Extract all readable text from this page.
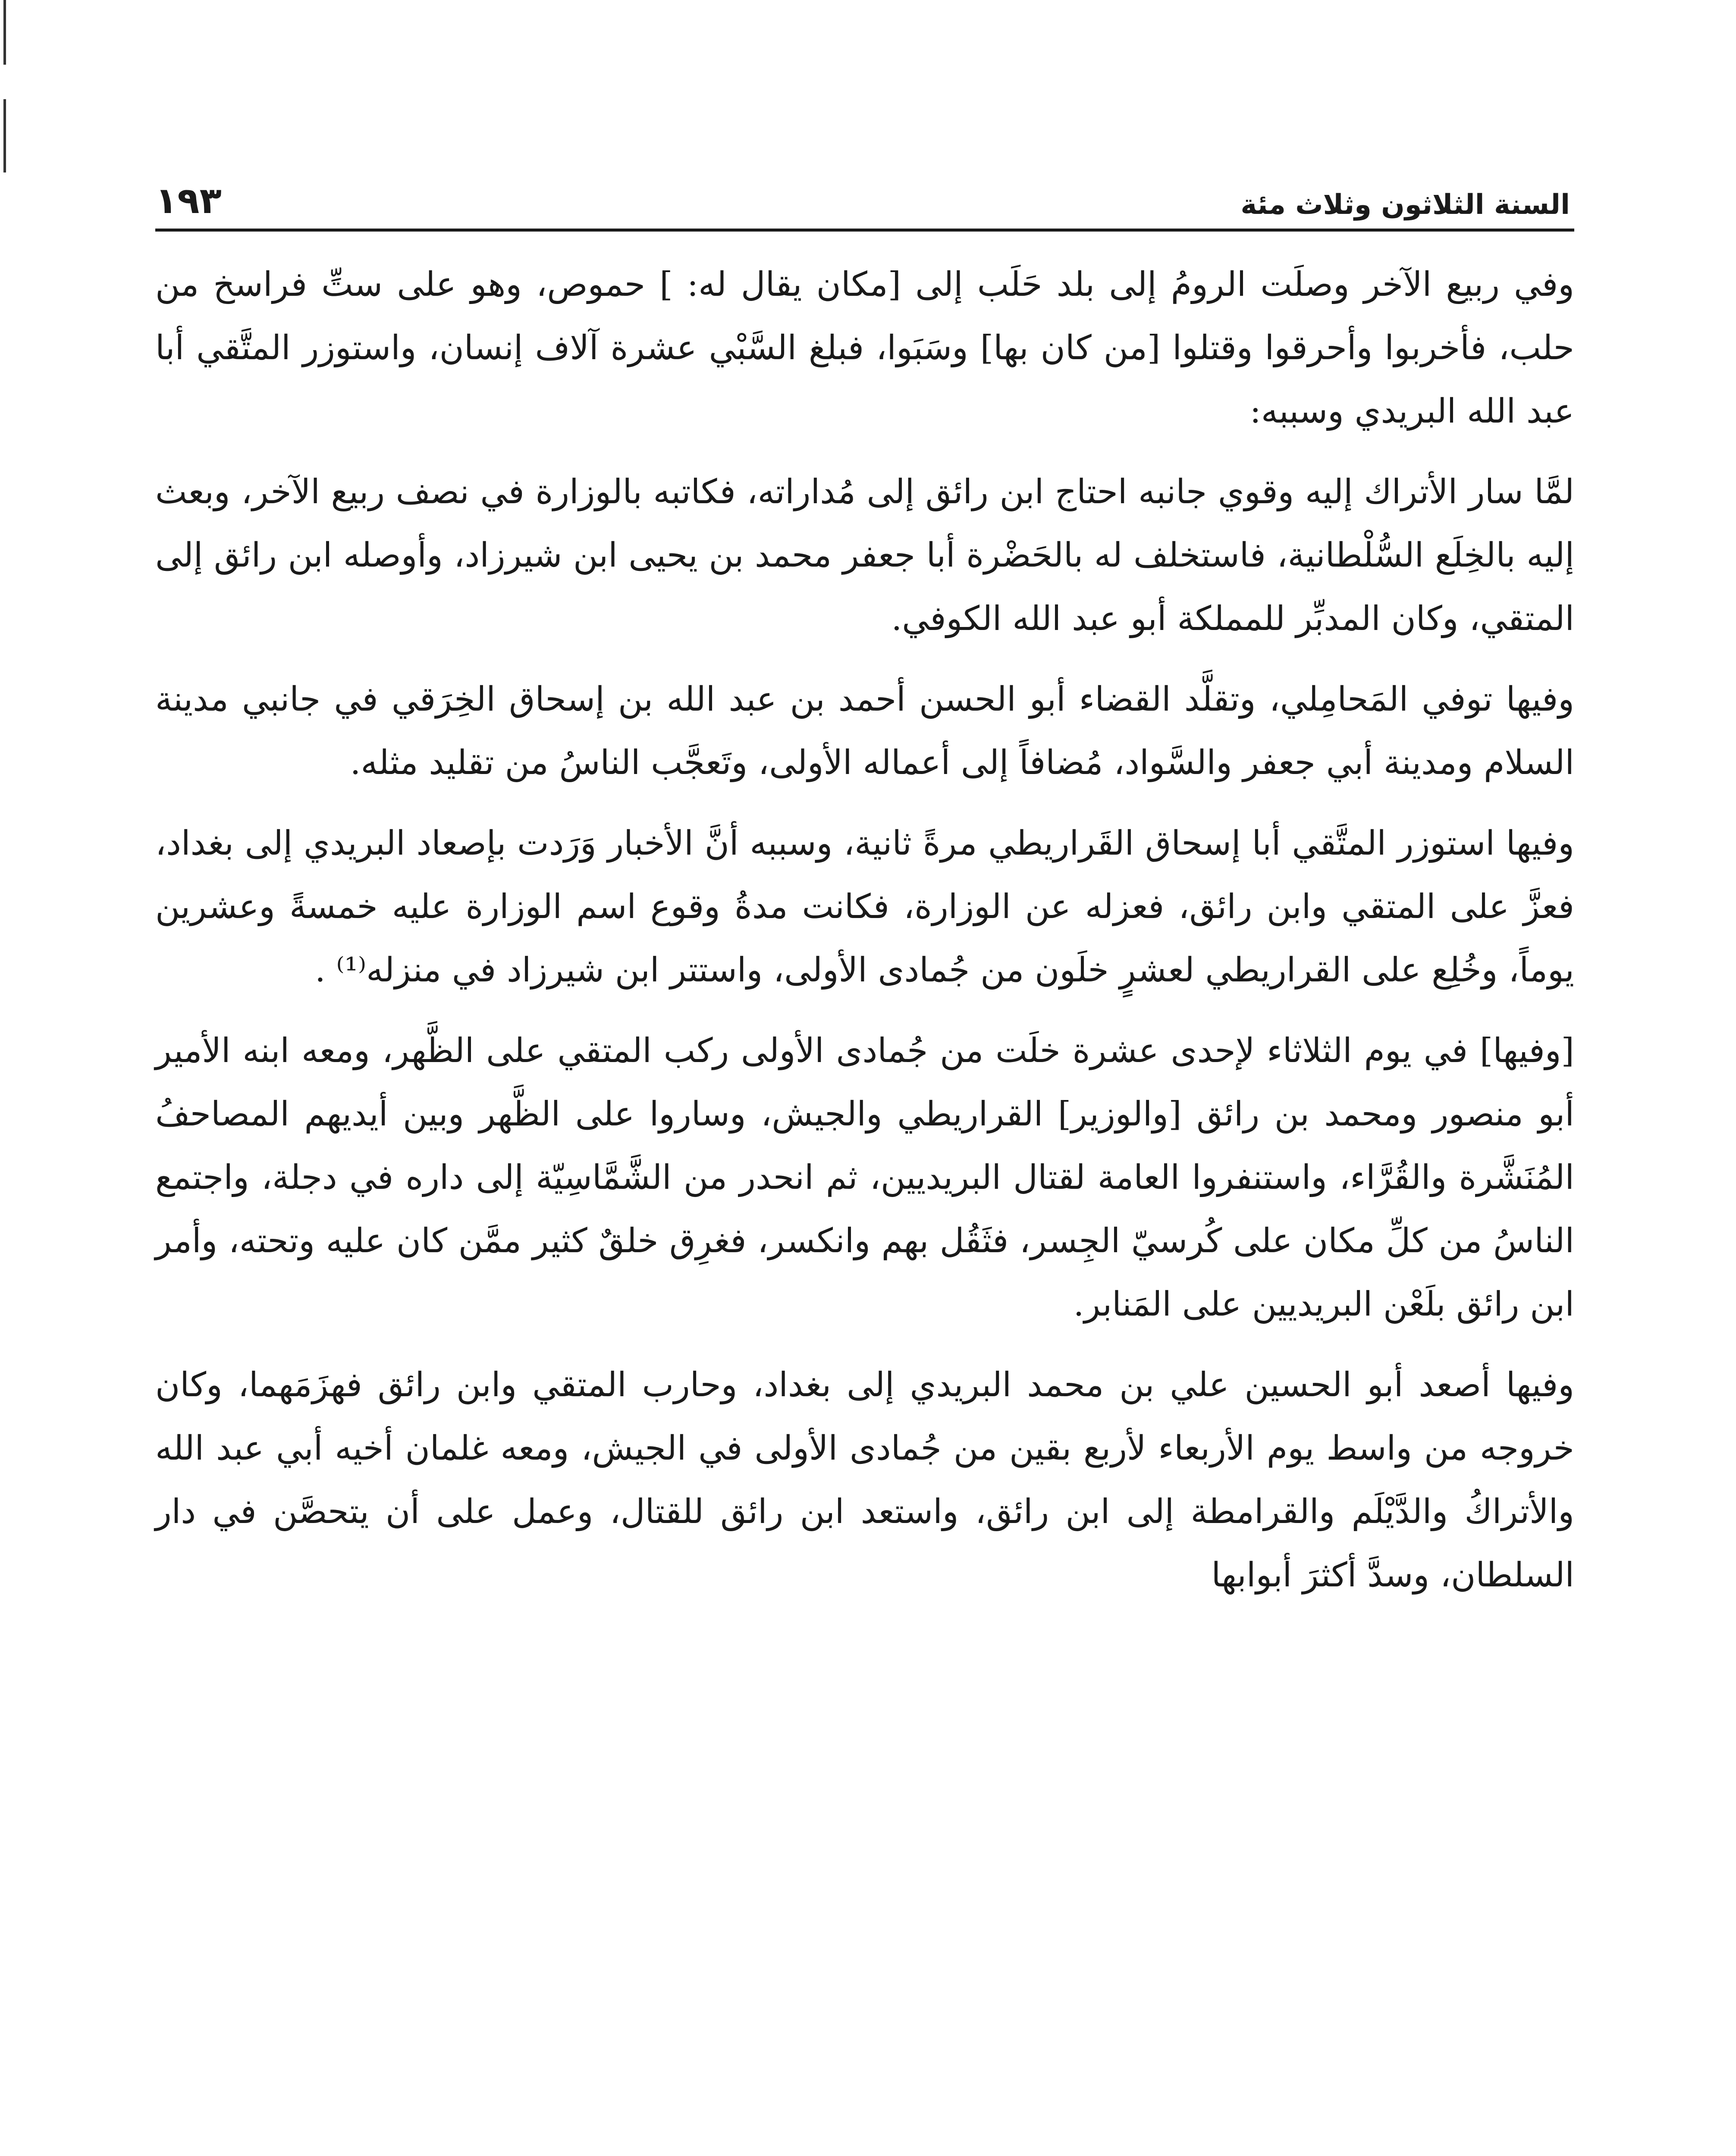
السنة الثلاثون وثلاث مئة
١٩٣

وفي ربيع الآخر وصلَت الرومُ إلى بلد حَلَب إلى [مكان يقال له: ] حموص، وهو على ستِّ فراسخ من حلب، فأخربوا وأحرقوا وقتلوا [من كان بها] وسَبَوا، فبلغ السَّبْي عشرة آلاف إنسان، واستوزر المتَّقي أبا عبد الله البريدي وسببه:

لمَّا سار الأتراك إليه وقوي جانبه احتاج ابن رائق إلى مُداراته، فكاتبه بالوزارة في نصف ربيع الآخر، وبعث إليه بالخِلَع السُّلْطانية، فاستخلف له بالحَضْرة أبا جعفر محمد بن يحيى ابن شيرزاد، وأوصله ابن رائق إلى المتقي، وكان المدبِّر للمملكة أبو عبد الله الكوفي.

وفيها توفي المَحامِلي، وتقلَّد القضاء أبو الحسن أحمد بن عبد الله بن إسحاق الخِرَقي في جانبي مدينة السلام ومدينة أبي جعفر والسَّواد، مُضافاً إلى أعماله الأولى، وتَعجَّب الناسُ من تقليد مثله.

وفيها استوزر المتَّقي أبا إسحاق القَراريطي مرةً ثانية، وسببه أنَّ الأخبار وَرَدت بإصعاد البريدي إلى بغداد، فعزَّ على المتقي وابن رائق، فعزله عن الوزارة، فكانت مدةُ وقوع اسم الوزارة عليه خمسةً وعشرين يوماً، وخُلِع على القراريطي لعشرٍ خلَون من جُمادى الأولى، واستتر ابن شيرزاد في منزله⁽¹⁾ .

[وفيها] في يوم الثلاثاء لإحدى عشرة خلَت من جُمادى الأولى ركب المتقي على الظَّهر، ومعه ابنه الأمير أبو منصور ومحمد بن رائق [والوزير] القراريطي والجيش، وساروا على الظَّهر وبين أيديهم المصاحفُ المُنَشَّرة والقُرَّاء، واستنفروا العامة لقتال البريديين، ثم انحدر من الشَّمَّاسِيّة إلى داره في دجلة، واجتمع الناسُ من كلِّ مكان على كُرسيّ الجِسر، فثَقُل بهم وانكسر، فغرِق خلقٌ كثير ممَّن كان عليه وتحته، وأمر ابن رائق بلَعْن البريديين على المَنابر.

وفيها أصعد أبو الحسين علي بن محمد البريدي إلى بغداد، وحارب المتقي وابن رائق فهزَمَهما، وكان خروجه من واسط يوم الأربعاء لأربع بقين من جُمادى الأولى في الجيش، ومعه غلمان أخيه أبي عبد الله والأتراكُ والدَّيْلَم والقرامطة إلى ابن رائق، واستعد ابن رائق للقتال، وعمل على أن يتحصَّن في دار السلطان، وسدَّ أكثرَ أبوابها
